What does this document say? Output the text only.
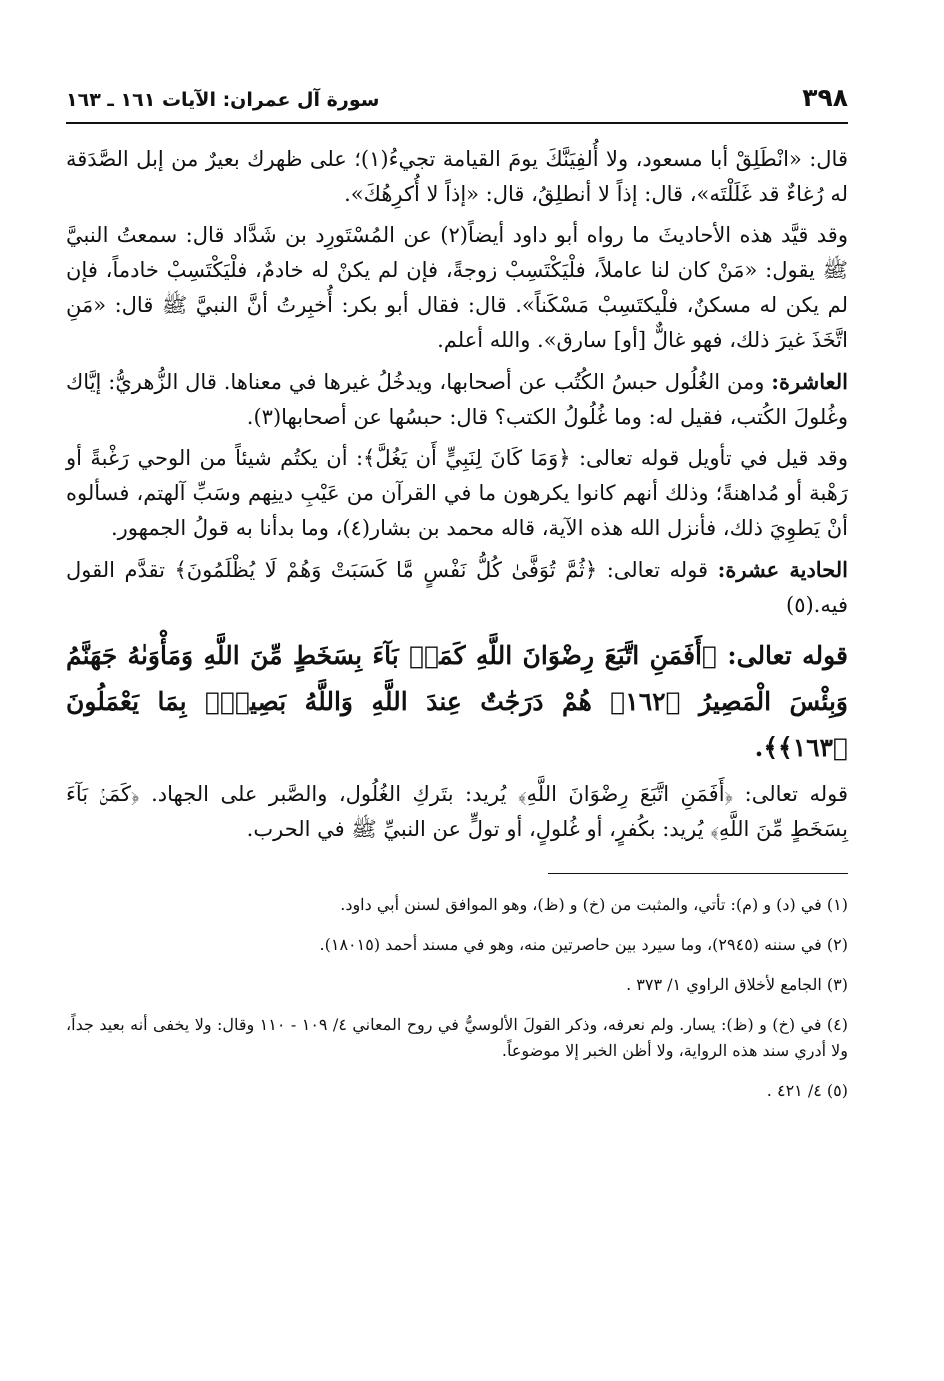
٣٩٨
سورة آل عمران: الآيات ١٦١ ـ ١٦٣

قال: «انْطَلِقْ أبا مسعود، ولا أُلفِيَنَّكَ يومَ القيامة تجيءُ(١)؛ على ظهرك بعيرٌ من إبل الصَّدَقة له رُغاءٌ قد غَلَلْتَه»، قال: إذاً لا أنطلِقُ، قال: «إذاً لا أُكرِهُكَ».

وقد قيَّد هذه الأحاديثَ ما رواه أبو داود أيضاً(٢) عن المُسْتَورِد بن شَدَّاد قال: سمعتُ النبيَّ ﷺ يقول: «مَنْ كان لنا عاملاً، فلْيَكْتَسِبْ زوجةً، فإن لم يكنْ له خادمٌ، فلْيَكْتَسِبْ خادماً، فإن لم يكن له مسكنٌ، فلْيكتَسِبْ مَسْكَناً». قال: فقال أبو بكر: أُخبِرتُ أنَّ النبيَّ ﷺ قال: «مَنِ اتَّخَذَ غيرَ ذلك، فهو غالٌّ [أو] سارق». والله أعلم.

العاشرة: ومن الغُلُول حبسُ الكُتُب عن أصحابها، ويدخُلُ غيرها في معناها. قال الزُّهريُّ: إيَّاك وغُلولَ الكُتب، فقيل له: وما غُلُولُ الكتب؟ قال: حبسُها عن أصحابها(٣).

وقد قيل في تأويل قوله تعالى: ﴿وَمَا كَانَ لِنَبِيٍّ أَن يَغُلَّ﴾: أن يكتُم شيئاً من الوحي رَغْبةً أو رَهْبة أو مُداهنةً؛ وذلك أنهم كانوا يكرهون ما في القرآن من عَيْبِ دينِهم وسَبِّ آلهتم، فسألوه أنْ يَطوِيَ ذلك، فأنزل الله هذه الآية، قاله محمد بن بشار(٤)، وما بدأنا به قولُ الجمهور.

الحادية عشرة: قوله تعالى: ﴿ثُمَّ تُوَفَّىٰ كُلُّ نَفْسٍ مَّا كَسَبَتْ وَهُمْ لَا يُظْلَمُونَ﴾ تقدَّم القول فيه.(٥)

قوله تعالى: ﴿أَفَمَنِ اتَّبَعَ رِضْوَانَ اللَّهِ كَمَنۢ بَآءَ بِسَخَطٍ مِّنَ اللَّهِ وَمَأْوَىٰهُ جَهَنَّمُ وَبِئْسَ الْمَصِيرُ ﴿١٦٢﴾ هُمْ دَرَجَٰتٌ عِندَ اللَّهِ وَاللَّهُ بَصِيرٌۢ بِمَا يَعْمَلُونَ ﴿١٦٣﴾﴾.

قوله تعالى: ﴿أَفَمَنِ اتَّبَعَ رِضْوَانَ اللَّهِ﴾ يُريد: بتَركِ الغُلُول، والصَّبر على الجهاد. ﴿كَمَنۢ بَآءَ بِسَخَطٍ مِّنَ اللَّهِ﴾ يُريد: بكُفرٍ، أو غُلولٍ، أو تولٍّ عن النبيِّ ﷺ في الحرب.

(١) في (د) و (م): تأتي، والمثبت من (خ) و (ظ)، وهو الموافق لسنن أبي داود.

(٢) في سننه (٢٩٤٥)، وما سيرد بين حاصرتين منه، وهو في مسند أحمد (١٨٠١٥).

(٣) الجامع لأخلاق الراوي ١/ ٣٧٣ .

(٤) في (خ) و (ظ): يسار. ولم نعرفه، وذكر القولَ الألوسيُّ في روح المعاني ٤/ ١٠٩ - ١١٠ وقال: ولا يخفى أنه بعيد جداً، ولا أدري سند هذه الرواية، ولا أظن الخبر إلا موضوعاً.

(٥) ٤/ ٤٢١ .
